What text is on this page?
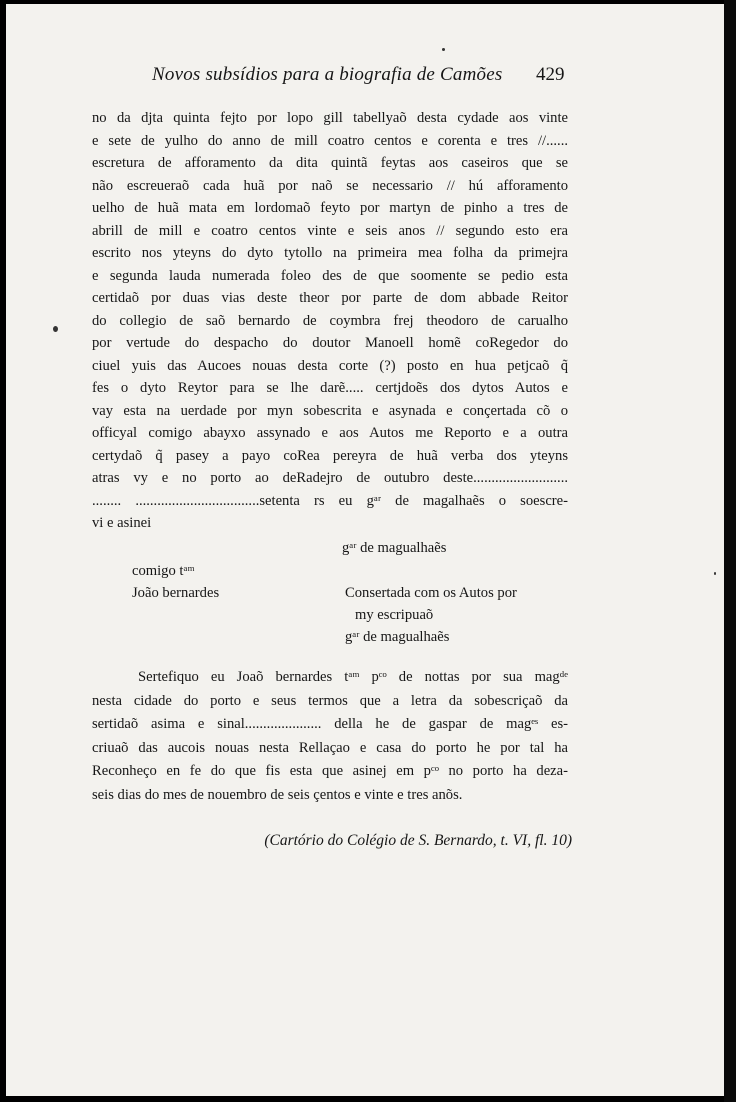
Novos subsídios para a biografia de Camões 429
no da djta quinta fejto por lopo gill tabellyaõ desta cydade aos vinte
e sete de yulho do anno de mill coatro centos e corenta e tres //......
escretura de afforamento da dita quintã feytas aos caseiros que se
não escreueraõ cada huã por naõ se necessario // hú afforamento
uelho de huã mata em lordomaõ feyto por martyn de pinho a tres de
abrill de mill e coatro centos vinte e seis anos // segundo esto era
escrito nos yteyns do dyto tytollo na primeira mea folha da primejra
e segunda lauda numerada foleo des de que soomente se pedio esta
certidaõ por duas vias deste theor por parte de dom abbade Reitor
do collegio de saõ bernardo de coymbra frej theodoro de carualho
por vertude do despacho do doutor Manoell homẽ coRegedor do
ciuel yuis das Aucoes nouas desta corte (?) posto en hua petjcaõ q̃
fes o dyto Reytor para se lhe darẽ..... certjdoẽs dos dytos Autos e
vay esta na uerdade por myn sobescrita e asynada e conçertada cõ o
officyal comigo abayxo assynado e aos Autos me Reporto e a outra
certydaõ q̃ pasey a payo coRea pereyra de huã verba dos yteyns
atras vy e no porto ao deRadejro de outubro deste..........................
........ ..................................setenta rs eu gᵃʳ de magalhaẽs o soescre-
vi e asinei
gᵃʳ de magualhaẽs
comigo tᵃᵐ
João bernardes	Consertada com os Autos por
my escripuaõ
gᵃʳ de magualhaẽs
Sertefiquo eu Joaõ bernardes tᵃᵐ pᶜᵒ de nottas por sua magᵈᵉ
nesta cidade do porto e seus termos que a letra da sobescriçaõ da
sertidaõ asima e sinal..................... della he de gaspar de magᵉˢ es-
criuaõ das aucois nouas nesta Rellaçao e casa do porto he por tal ha
Reconheço en fe do que fis esta que asinej em pᶜᵒ no porto ha deza-
seis dias do mes de nouembro de seis çentos e vinte e tres anõs.
(Cartório do Colégio de S. Bernardo, t. VI, fl. 10)
